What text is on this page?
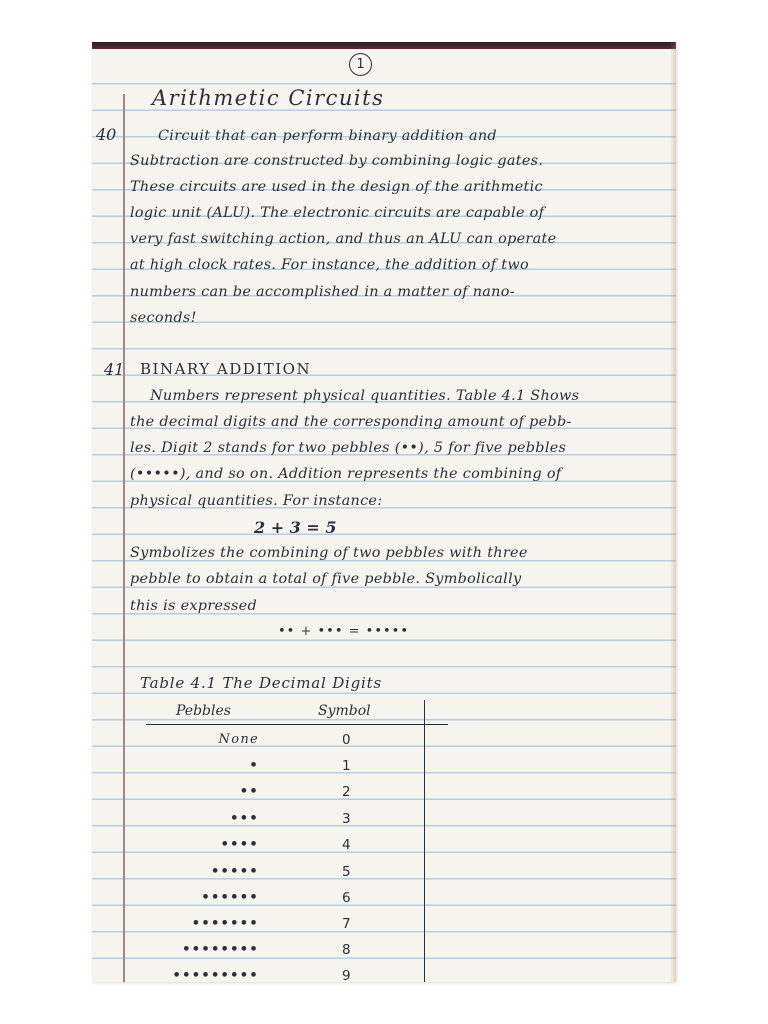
1
Arithmetic Circuits
40	Circuit that can perform binary addition and
Subtraction are constructed by combining logic gates.
These circuits are used in the design of the arithmetic
logic unit (ALU). The electronic circuits are capable of
very fast switching action, and thus an ALU can operate
at high clock rates. For instance, the addition of two
numbers can be accomplished in a matter of nano-
seconds!
41 BINARY ADDITION
Numbers represent physical quantities. Table 4.1 Shows
the decimal digits and the corresponding amount of pebb-
les. Digit 2 stands for two pebbles (••), 5 for five pebbles
(•••••), and so on. Addition represents the combining of
physical quantities. For instance:
2 + 3 = 5
Symbolizes the combining of two pebbles with three
pebble to obtain a total of five pebble. Symbolically
this is expressed
•• + ••• = •••••
Table 4.1 The Decimal Digits
Pebbles	Symbol
None	0
•	1
••	2
•••	3
••••	4
•••••	5
••••••	6
•••••••	7
••••••••	8
•••••••••	9
